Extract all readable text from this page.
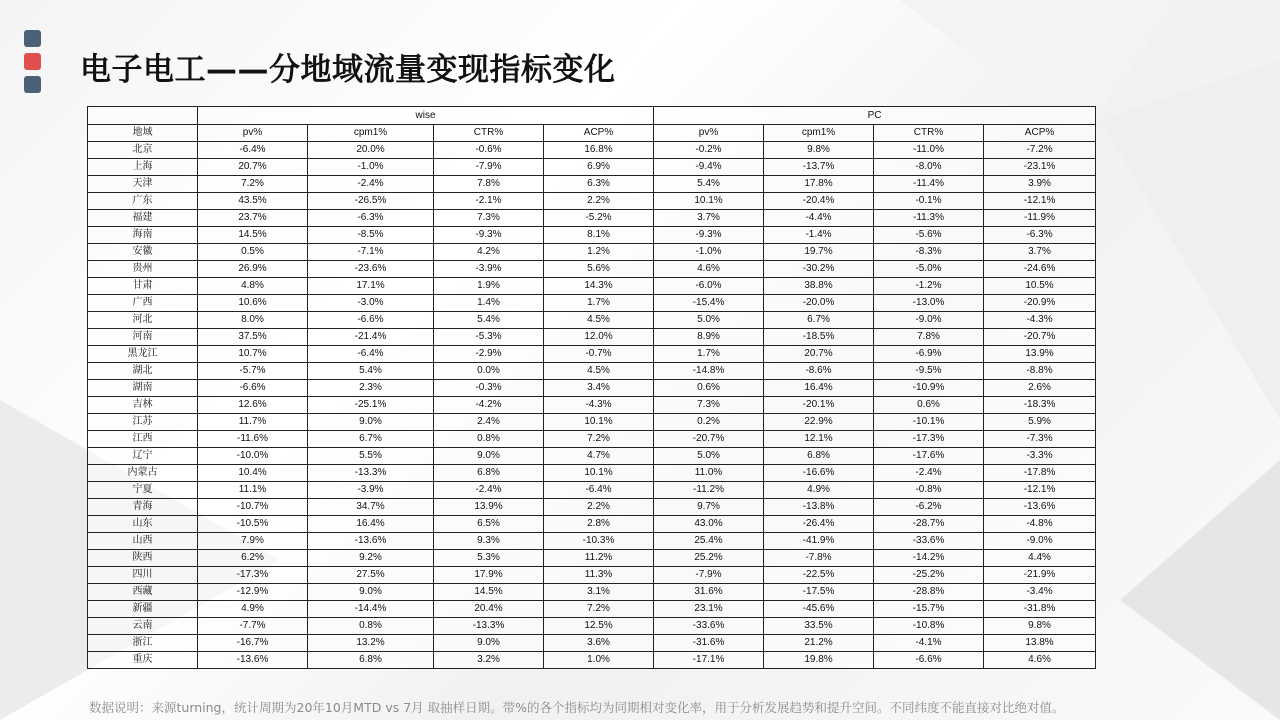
电子电工——分地域流量变现指标变化
	wise				PC			
地域	pv%	cpm1%	CTR%	ACP%	pv%	cpm1%	CTR%	ACP%
北京	-6.4%	20.0%	-0.6%	16.8%	-0.2%	9.8%	-11.0%	-7.2%
上海	20.7%	-1.0%	-7.9%	6.9%	-9.4%	-13.7%	-8.0%	-23.1%
天津	7.2%	-2.4%	7.8%	6.3%	5.4%	17.8%	-11.4%	3.9%
广东	43.5%	-26.5%	-2.1%	2.2%	10.1%	-20.4%	-0.1%	-12.1%
福建	23.7%	-6.3%	7.3%	-5.2%	3.7%	-4.4%	-11.3%	-11.9%
海南	14.5%	-8.5%	-9.3%	8.1%	-9.3%	-1.4%	-5.6%	-6.3%
安徽	0.5%	-7.1%	4.2%	1.2%	-1.0%	19.7%	-8.3%	3.7%
贵州	26.9%	-23.6%	-3.9%	5.6%	4.6%	-30.2%	-5.0%	-24.6%
甘肃	4.8%	17.1%	1.9%	14.3%	-6.0%	38.8%	-1.2%	10.5%
广西	10.6%	-3.0%	1.4%	1.7%	-15.4%	-20.0%	-13.0%	-20.9%
河北	8.0%	-6.6%	5.4%	4.5%	5.0%	6.7%	-9.0%	-4.3%
河南	37.5%	-21.4%	-5.3%	12.0%	8.9%	-18.5%	7.8%	-20.7%
黑龙江	10.7%	-6.4%	-2.9%	-0.7%	1.7%	20.7%	-6.9%	13.9%
湖北	-5.7%	5.4%	0.0%	4.5%	-14.8%	-8.6%	-9.5%	-8.8%
湖南	-6.6%	2.3%	-0.3%	3.4%	0.6%	16.4%	-10.9%	2.6%
吉林	12.6%	-25.1%	-4.2%	-4.3%	7.3%	-20.1%	0.6%	-18.3%
江苏	11.7%	9.0%	2.4%	10.1%	0.2%	22.9%	-10.1%	5.9%
江西	-11.6%	6.7%	0.8%	7.2%	-20.7%	12.1%	-17.3%	-7.3%
辽宁	-10.0%	5.5%	9.0%	4.7%	5.0%	6.8%	-17.6%	-3.3%
内蒙古	10.4%	-13.3%	6.8%	10.1%	11.0%	-16.6%	-2.4%	-17.8%
宁夏	11.1%	-3.9%	-2.4%	-6.4%	-11.2%	4.9%	-0.8%	-12.1%
青海	-10.7%	34.7%	13.9%	2.2%	9.7%	-13.8%	-6.2%	-13.6%
山东	-10.5%	16.4%	6.5%	2.8%	43.0%	-26.4%	-28.7%	-4.8%
山西	7.9%	-13.6%	9.3%	-10.3%	25.4%	-41.9%	-33.6%	-9.0%
陕西	6.2%	9.2%	5.3%	11.2%	25.2%	-7.8%	-14.2%	4.4%
四川	-17.3%	27.5%	17.9%	11.3%	-7.9%	-22.5%	-25.2%	-21.9%
西藏	-12.9%	9.0%	14.5%	3.1%	31.6%	-17.5%	-28.8%	-3.4%
新疆	4.9%	-14.4%	20.4%	7.2%	23.1%	-45.6%	-15.7%	-31.8%
云南	-7.7%	0.8%	-13.3%	12.5%	-33.6%	33.5%	-10.8%	9.8%
浙江	-16.7%	13.2%	9.0%	3.6%	-31.6%	21.2%	-4.1%	13.8%
重庆	-13.6%	6.8%	3.2%	1.0%	-17.1%	19.8%	-6.6%	4.6%
数据说明：来源turning，统计周期为20年10月MTD vs 7月 取抽样日期。带%的各个指标均为同期相对变化率，用于分析发展趋势和提升空间。不同纬度不能直接对比绝对值。
